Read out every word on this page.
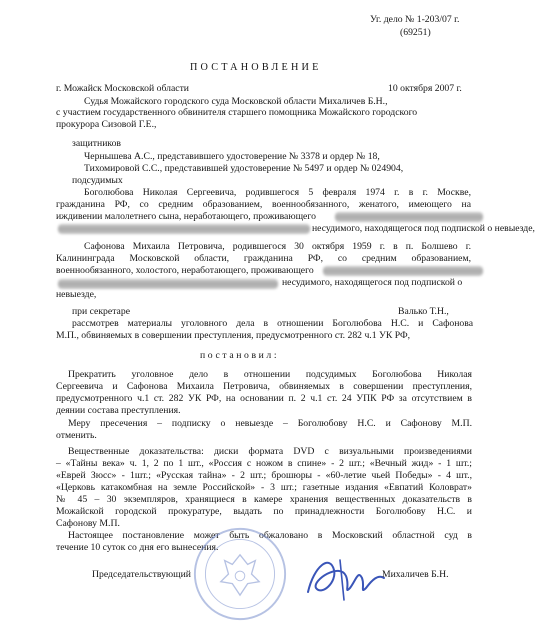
Уг. дело № 1-203/07 г.
(69251)
ПОСТАНОВЛЕНИЕ
г. Можайск Московской области	10 октября 2007 г.
Судья Можайского городского суда Московской области Михаличев Б.Н.,
с участием государственного обвинителя старшего помощника Можайского городского
прокурора Сизовой Г.Е.,
защитников
Чернышева А.С., представившего удостоверение № 3378 и ордер № 18,
Тихомировой С.С., представившей удостоверение № 5497 и ордер № 024904,
подсудимых
Боголюбова Николая Сергеевича, родившегося 5 февраля 1974 г. в г. Москве,
гражданина РФ, со средним образованием, военнообязанного, женатого, имеющего на
иждивении малолетнего сына, неработающего, проживающего
несудимого, находящегося под подпиской о невыезде,
Сафонова Михаила Петровича, родившегося 30 октября 1959 г. в п. Болшево г.
Калининграда Московской области, гражданина РФ, со средним образованием,
военнообязанного, холостого, неработающего, проживающего
несудимого, находящегося под подпиской о
невыезде,
при секретаре	Валько Т.Н.,
рассмотрев материалы уголовного дела в отношении Боголюбова Н.С. и Сафонова
М.П., обвиняемых в совершении преступления, предусмотренного ст. 282 ч.1 УК РФ,
постановил:
Прекратить уголовное дело в отношении подсудимых Боголюбова Николая
Сергеевича и Сафонова Михаила Петровича, обвиняемых в совершении преступления,
предусмотренного ч.1 ст. 282 УК РФ, на основании п. 2 ч.1 ст. 24 УПК РФ за отсутствием в
деянии состава преступления.
Меру пресечения – подписку о невыезде – Боголюбову Н.С. и Сафонову М.П.
отменить.
Вещественные доказательства: диски формата DVD с визуальными произведениями
– «Тайны века» ч. 1, 2 по 1 шт., «Россия с ножом в спине» - 2 шт.; «Вечный жид» - 1 шт.;
«Еврей Зюсс» - 1шт.; «Русская тайна» - 2 шт.; брошюры - «60-летие чьей Победы» - 4 шт.,
«Церковь катакомбная на земле Российской» - 3 шт.; газетные издания «Евпатий Коловрат»
№ 45 – 30 экземпляров, хранящиеся в камере хранения вещественных доказательств в
Можайской городской прокуратуре, выдать по принадлежности Боголюбову Н.С. и
Сафонову М.П.
Настоящее постановление может быть обжаловано в Московский областной суд в
течение 10 суток со дня его вынесения.
Председательствующий	Михаличев Б.Н.
